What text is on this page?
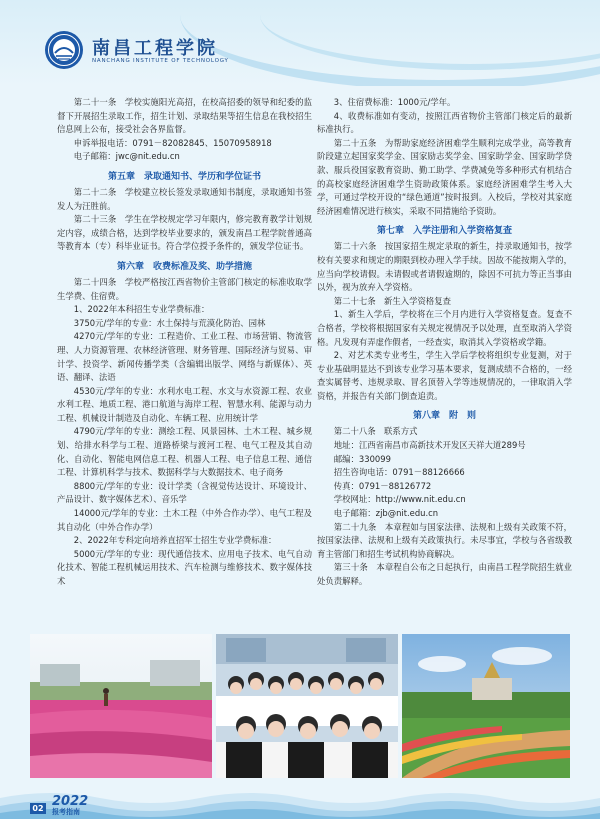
南昌工程学院
NANCHANG INSTITUTE OF TECHNOLOGY

第二十一条　学校实施阳光高招，在校高招委的领导和纪委的监督下开展招生录取工作，招生计划、录取结果等招生信息在我校招生信息网上公布，接受社会各界监督。

申诉举报电话：0791－82082845、15070958918

电子邮箱：jwc@nit.edu.cn

第五章　录取通知书、学历和学位证书

第二十二条　学校建立校长签发录取通知书制度，录取通知书签发人为汪胜前。

第二十三条　学生在学校规定学习年限内，修完教育教学计划规定内容，成绩合格，达到学校毕业要求的，颁发南昌工程学院普通高等教育本（专）科毕业证书。符合学位授予条件的，颁发学位证书。

第六章　收费标准及奖、助学措施

第二十四条　学校严格按江西省物价主管部门核定的标准收取学生学费、住宿费。

1、2022年本科招生专业学费标准：

3750元/学年的专业：水土保持与荒漠化防治、园林

4270元/学年的专业：工程造价、工业工程、市场营销、物流管理、人力资源管理、农林经济管理、财务管理、国际经济与贸易、审计学、投资学、新闻传播学类（含编辑出版学、网络与新媒体）、英语、翻译、法语

4530元/学年的专业：水利水电工程、水文与水资源工程、农业水利工程、地质工程、港口航道与海岸工程、智慧水利、能源与动力工程、机械设计制造及自动化、车辆工程、应用统计学

4790元/学年的专业：测绘工程、风景园林、土木工程、城乡规划、给排水科学与工程、道路桥梁与渡河工程、电气工程及其自动化、自动化、智能电网信息工程、机器人工程、电子信息工程、通信工程、计算机科学与技术、数据科学与大数据技术、电子商务

8800元/学年的专业：设计学类（含视觉传达设计、环境设计、产品设计、数字媒体艺术）、音乐学

14000元/学年的专业：土木工程（中外合作办学）、电气工程及其自动化（中外合作办学）

2、2022年专科定向培养直招军士招生专业学费标准：

5000元/学年的专业：现代通信技术、应用电子技术、电气自动化技术、智能工程机械运用技术、汽车检测与维修技术、数字媒体技术

3、住宿费标准：1000元/学年。

4、收费标准如有变动，按照江西省物价主管部门核定后的最新标准执行。

第二十五条　为帮助家庭经济困难学生顺利完成学业，高等教育阶段建立起国家奖学金、国家励志奖学金、国家助学金、国家助学贷款、服兵役国家教育资助、勤工助学、学费减免等多种形式有机结合的高校家庭经济困难学生资助政策体系。家庭经济困难学生考入大学，可通过学校开设的“绿色通道”按时报到。入校后，学校对其家庭经济困难情况进行核实，采取不同措施给予资助。

第七章　入学注册和入学资格复查

第二十六条　按国家招生规定录取的新生，持录取通知书，按学校有关要求和规定的期限到校办理入学手续。因故不能按期入学的，应当向学校请假。未请假或者请假逾期的，除因不可抗力等正当事由以外，视为放弃入学资格。

第二十七条　新生入学资格复查

1、新生入学后，学校将在三个月内进行入学资格复查。复查不合格者，学校将根据国家有关规定视情况予以处理，直至取消入学资格。凡发现有弄虚作假者，一经查实，取消其入学资格或学籍。

2、对艺术类专业考生，学生入学后学校将组织专业复测，对于专业基础明显达不到该专业学习基本要求，复测成绩不合格的，一经查实属替考、违规录取、冒名顶替入学等违规情况的，一律取消入学资格，并报告有关部门倒查追责。

第八章　附　则

第二十八条　联系方式

地址：江西省南昌市高新技术开发区天祥大道289号

邮编：330099

招生咨询电话：0791－88126666

传真：0791－88126772

学校网址：http://www.nit.edu.cn

电子邮箱：zjb@nit.edu.cn

第二十九条　本章程如与国家法律、法规和上级有关政策不符，按国家法律、法规和上级有关政策执行。未尽事宜，学校与各省级教育主管部门和招生考试机构协商解决。

第三十条　本章程自公布之日起执行，由南昌工程学院招生就业处负责解释。

02 2022
报考指南
